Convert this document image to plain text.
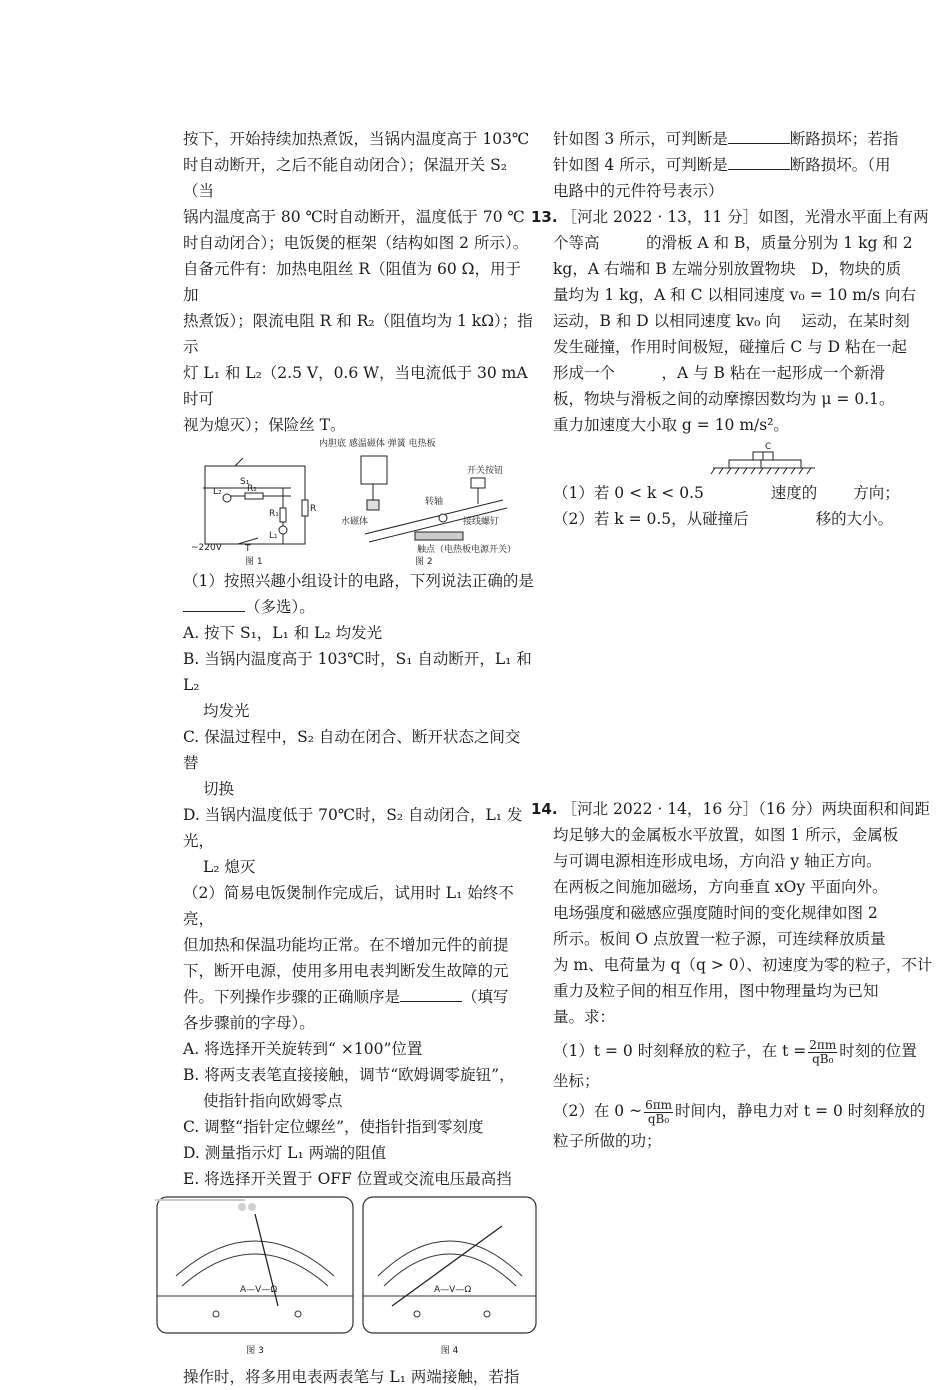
按下，开始持续加热煮饭，当锅内温度高于 103℃

时自动断开，之后不能自动闭合）；保温开关 S₂（当

锅内温度高于 80 ℃时自动断开，温度低于 70 ℃

时自动闭合）；电饭煲的框架（结构如图 2 所示）。

自备元件有：加热电阻丝 R（阻值为 60 Ω，用于加

热煮饭）；限流电阻 R 和 R₂（阻值均为 1 kΩ）；指示

灯 L₁ 和 L₂（2.5 V，0.6 W，当电流低于 30 mA 时可

视为熄灭）；保险丝 T。

S₁
R₂
L₂
R₁	R
L₁
T
~220V
图 1
内胆底 感温磁体 弹簧 电热板
开关按钮
转轴
水磁体	接线螺钉
触点（电热板电源开关）
图 2

（1）按照兴趣小组设计的电路，下列说法正确的是

（多选）。

A. 按下 S₁，L₁ 和 L₂ 均发光

B. 当锅内温度高于 103℃时，S₁ 自动断开，L₁ 和 L₂

均发光

C. 保温过程中，S₂ 自动在闭合、断开状态之间交替

切换

D. 当锅内温度低于 70℃时，S₂ 自动闭合，L₁ 发光，

L₂ 熄灭

（2）简易电饭煲制作完成后，试用时 L₁ 始终不亮，

但加热和保温功能均正常。在不增加元件的前提

下，断开电源，使用多用电表判断发生故障的元

件。下列操作步骤的正确顺序是	（填写

各步骤前的字母）。

A. 将选择开关旋转到“ ×100”位置

B. 将两支表笔直接接触，调节“欧姆调零旋钮”，

使指针指向欧姆零点

C. 调整“指针定位螺丝”，使指针指到零刻度

D. 测量指示灯 L₁ 两端的阻值

E. 将选择开关置于 OFF 位置或交流电压最高挡

A—V—Ω
图 3
A—V—Ω
图 4

操作时，将多用电表两表笔与 L₁ 两端接触，若指

针如图 3 所示，可判断是	断路损坏；若指

针如图 4 所示，可判断是	断路损坏。（用

电路中的元件符号表示）

13. ［河北 2022 · 13，11 分］如图，光滑水平面上有两

个等高　　　的滑板 A 和 B，质量分别为 1 kg 和 2

kg，A 右端和 B 左端分别放置物块　D，物块的质

量均为 1 kg，A 和 C 以相同速度 v₀ = 10 m/s 向右

运动，B 和 D 以相同速度 kv₀ 向　 运动，在某时刻

发生碰撞，作用时间极短，碰撞后 C 与 D 粘在一起

形成一个　　　，A 与 B 粘在一起形成一个新滑

板，物块与滑板之间的动摩擦因数均为 μ = 0.1。

重力加速度大小取 g = 10 m/s²。

C

（1）若 0 < k < 0.5　　　　 速度的　　 方向；

（2）若 k = 0.5，从碰撞后　　　　 移的大小。

14. ［河北 2022 · 14，16 分］（16 分）两块面积和间距

均足够大的金属板水平放置，如图 1 所示，金属板

与可调电源相连形成电场，方向沿 y 轴正方向。

在两板之间施加磁场，方向垂直 xOy 平面向外。

电场强度和磁感应强度随时间的变化规律如图 2

所示。板间 O 点放置一粒子源，可连续释放质量

为 m、电荷量为 q（q > 0）、初速度为零的粒子，不计

重力及粒子间的相互作用，图中物理量均为已知

量。求：

（1）t = 0 时刻释放的粒子，在 $t = \frac{2\pi m}{\text{qB₀}}$ 时刻的位置

坐标；

（2）在 0 ~ $\frac{6\pi m}{\text{qB₀}}$ 时间内，静电力对 t = 0 时刻释放的

粒子所做的功；
